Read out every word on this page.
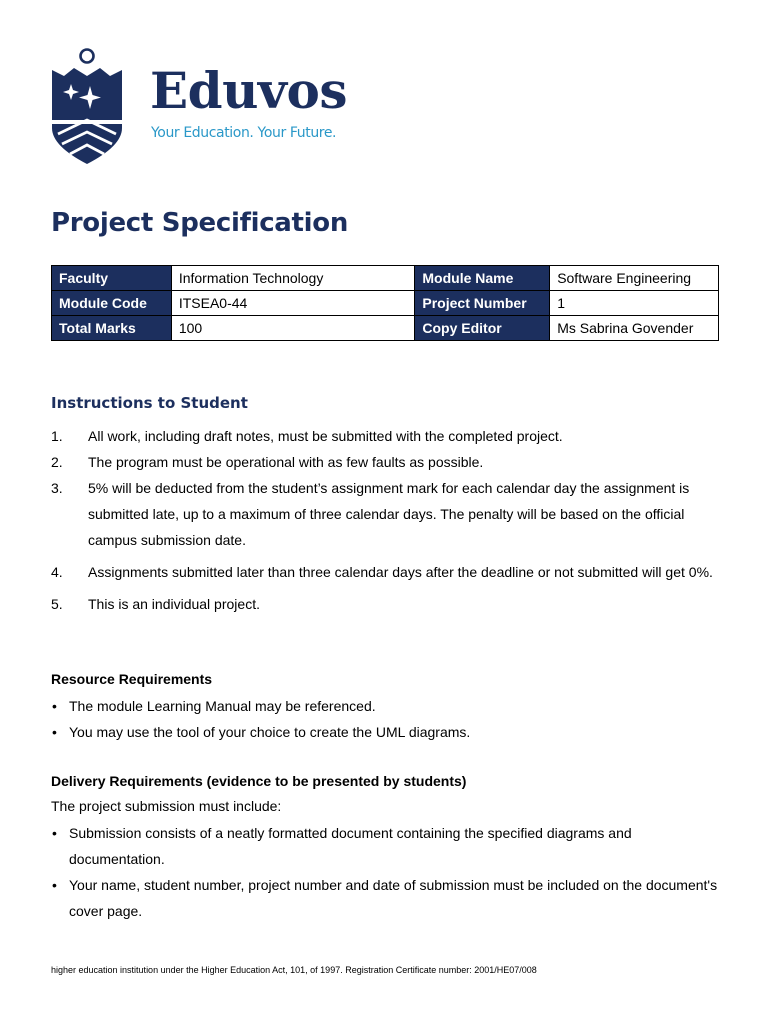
Eduvos
Your Education. Your Future.
Project Specification
Faculty	Information Technology	Module Name	Software Engineering
Module Code	ITSEA0-44	Project Number	1
Total Marks	100	Copy Editor	Ms Sabrina Govender
Instructions to Student
1. All work, including draft notes, must be submitted with the completed project.
2. The program must be operational with as few faults as possible.
3. 5% will be deducted from the student’s assignment mark for each calendar day the assignment is submitted late, up to a maximum of three calendar days. The penalty will be based on the official campus submission date.
4. Assignments submitted later than three calendar days after the deadline or not submitted will get 0%.
5. This is an individual project.
Resource Requirements
• The module Learning Manual may be referenced.
• You may use the tool of your choice to create the UML diagrams.
Delivery Requirements (evidence to be presented by students)

The project submission must include:

• Submission consists of a neatly formatted document containing the specified diagrams and documentation.
• Your name, student number, project number and date of submission must be included on the document's cover page.
higher education institution under the Higher Education Act, 101, of 1997. Registration Certificate number: 2001/HE07/008
